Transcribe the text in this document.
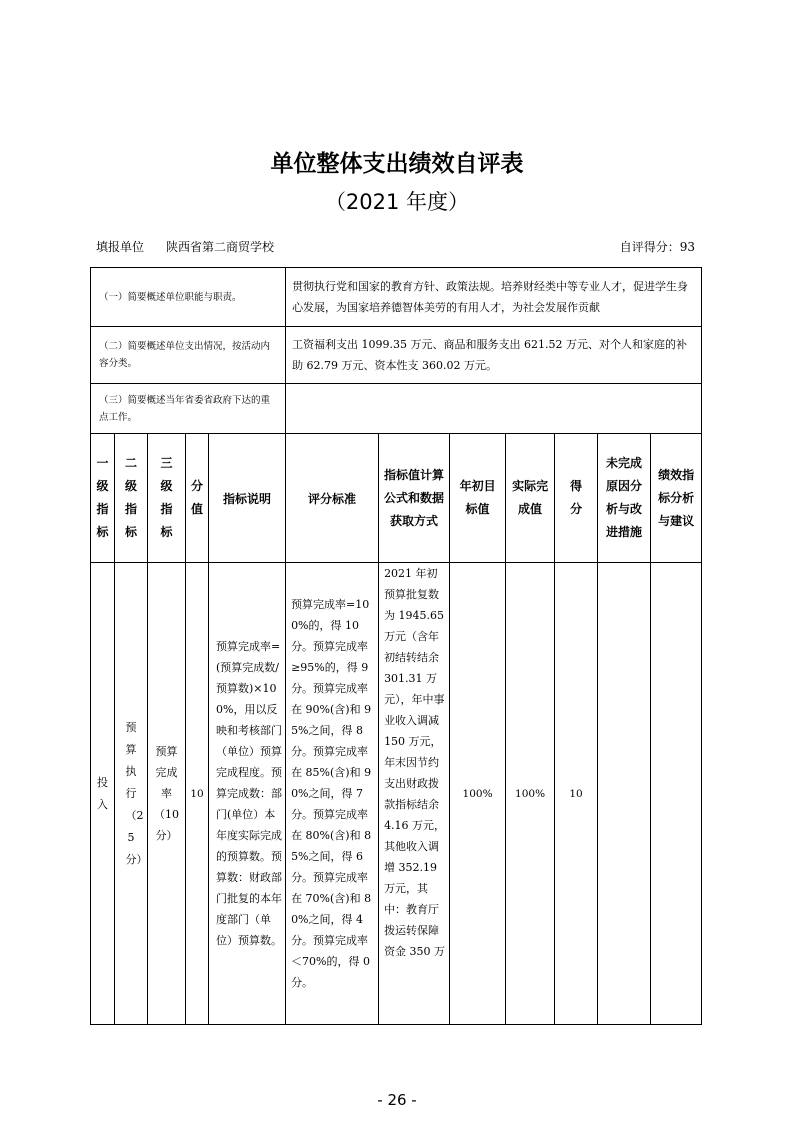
单位整体支出绩效自评表
（2021 年度）
填报单位 陕西省第二商贸学校	自评得分：93
（一）简要概述单位职能与职责。					贯彻执行党和国家的教育方针、政策法规。培养财经类中等专业人才，促进学生身心发展，为国家培养德智体美劳的有用人才，为社会发展作贡献						
（二）简要概述单位支出情况，按活动内容分类。					工资福利支出 1099.35 万元、商品和服务支出 621.52 万元、对个人和家庭的补助 62.79 万元、资本性支 360.02 万元。						
（三）简要概述当年省委省政府下达的重点工作。											

一级指标	二级指标	三级指标	分值	指标说明	评分标准	指标值计算公式和数据获取方式	年初目标值	实际完成值	得分	未完成原因分析与改进措施	绩效指标分析与建议

投入	预算执行（25分）	预算完成率（10分）	10	预算完成率=(预算完成数/预算数)×100%，用以反映和考核部门（单位）预算完成程度。预算完成数：部门(单位）本年度实际完成的预算数。预算数：财政部门批复的本年度部门（单位）预算数。	预算完成率=100%的，得 10 分。预算完成率≥95%的，得 9 分。预算完成率在 90%(含)和 95%之间，得 8 分。预算完成率在 85%(含)和 90%之间，得 7 分。预算完成率在 80%(含)和 85%之间，得 6 分。预算完成率在 70%(含)和 80%之间，得 4 分。预算完成率＜70%的，得 0 分。	2021 年初预算批复数为 1945.65 万元（含年初结转结余 301.31 万元），年中事业收入调减 150 万元，年末因节约支出财政拨款指标结余 4.16 万元，其他收入调增 352.19 万元，其中：教育厅拨运转保障资金 350 万	100%	100%	10		
- 26 -
